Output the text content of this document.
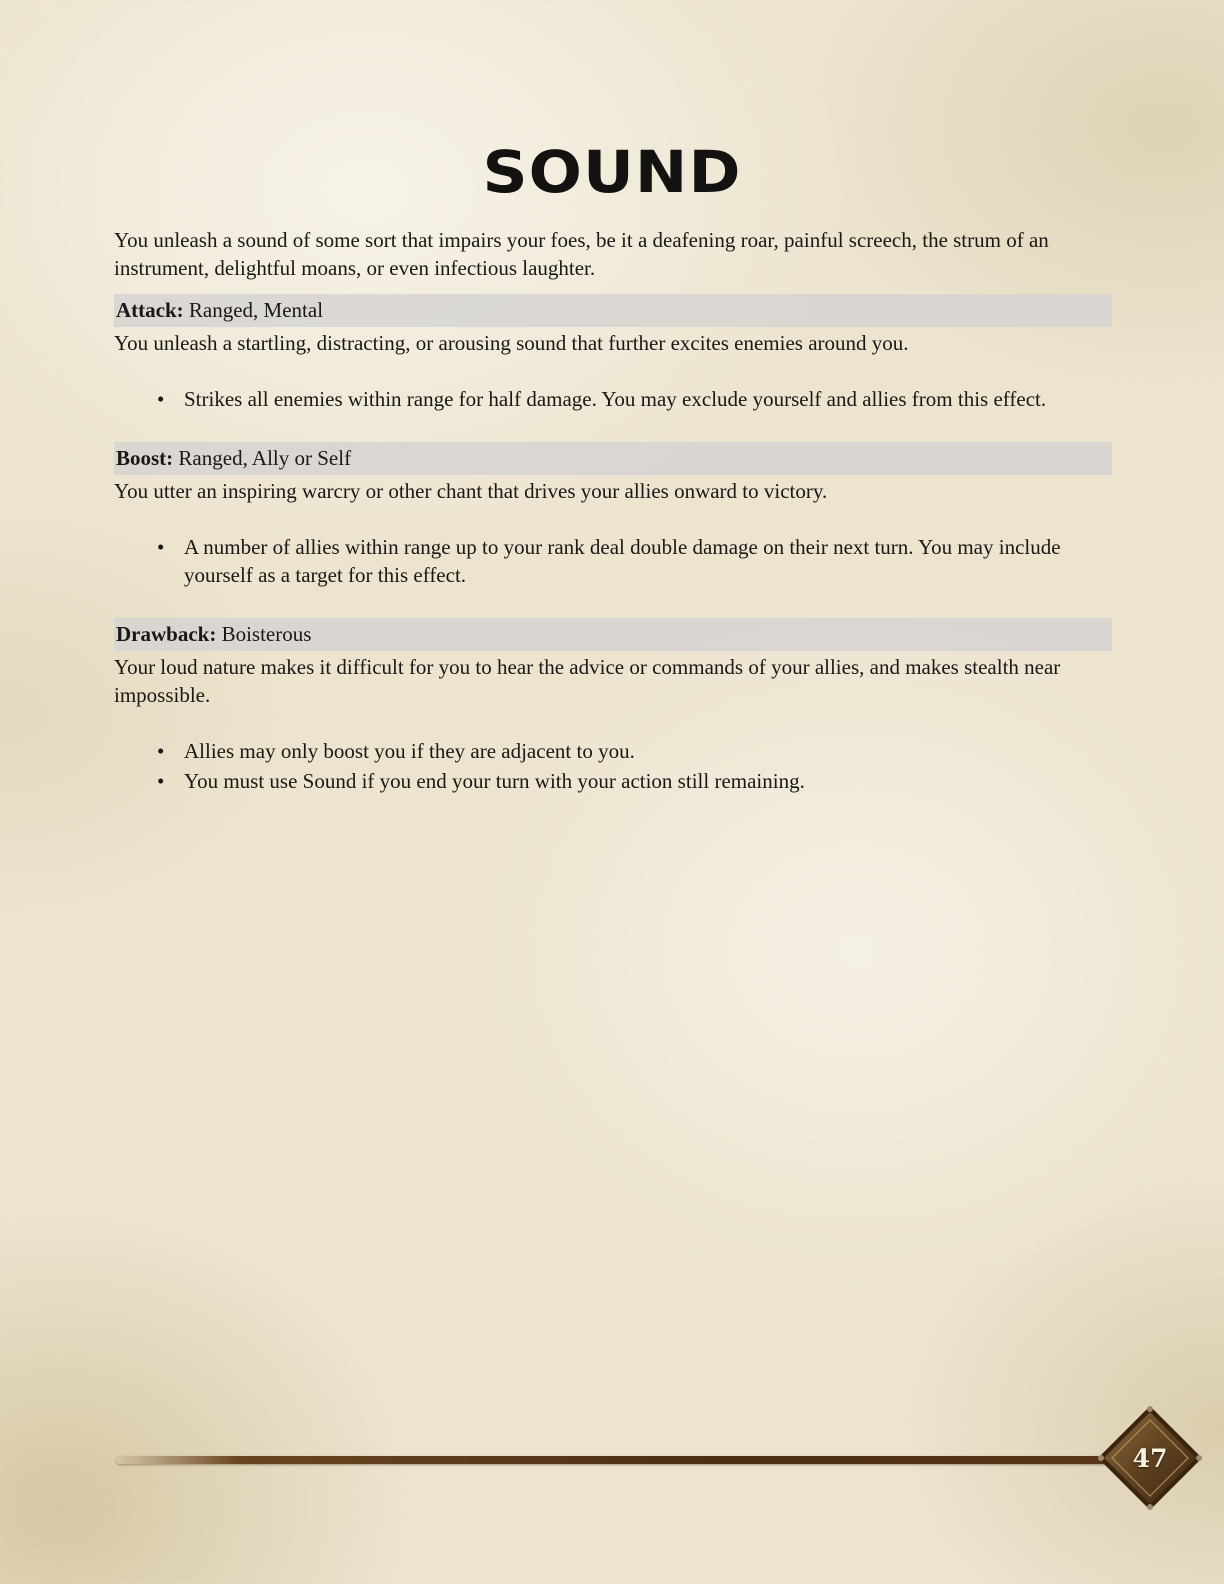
SOUND

You unleash a sound of some sort that impairs your foes, be it a deafening roar, painful screech, the strum of an instrument, delightful moans, or even infectious laughter.

Attack: Ranged, Mental

You unleash a startling, distracting, or arousing sound that further excites enemies around you.

• Strikes all enemies within range for half damage. You may exclude yourself and allies from this effect.
Boost: Ranged, Ally or Self

You utter an inspiring warcry or other chant that drives your allies onward to victory.

• A number of allies within range up to your rank deal double damage on their next turn. You may include yourself as a target for this effect.
Drawback: Boisterous

Your loud nature makes it difficult for you to hear the advice or commands of your allies, and makes stealth near impossible.

• Allies may only boost you if they are adjacent to you.
• You must use Sound if you end your turn with your action still remaining.
47
